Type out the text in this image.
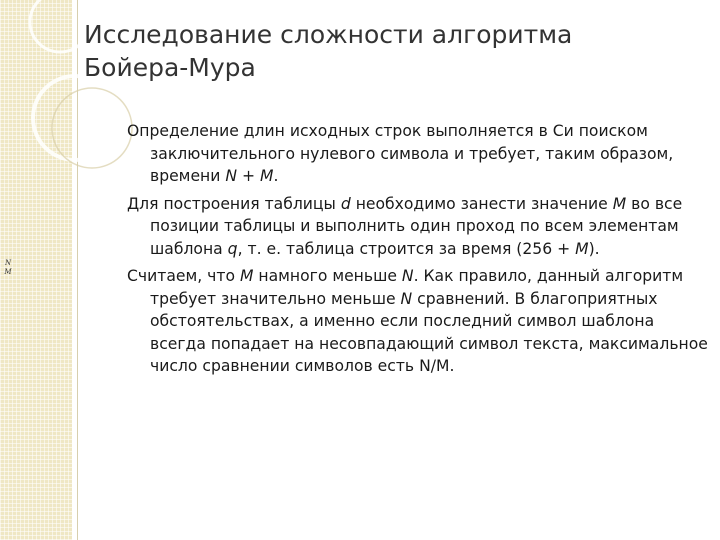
N
M
Исследование сложности алгоритма
Бойера-Мура

Определение длин исходных строк выполняется в Си поиском заключительного нулевого символа и требует, таким образом, времени N + M.

Для построения таблицы d необходимо занести значение M во все позиции таблицы и выполнить один проход по всем элементам шаблона q, т. е. таблица строится за время (256 + M).

Считаем, что M намного меньше N. Как правило, данный алгоритм требует значительно меньше N сравнений. В благоприятных обстоятельствах, а именно если последний символ шаблона всегда попадает на несовпадающий символ текста, максимальное число сравнении символов есть N/M.
